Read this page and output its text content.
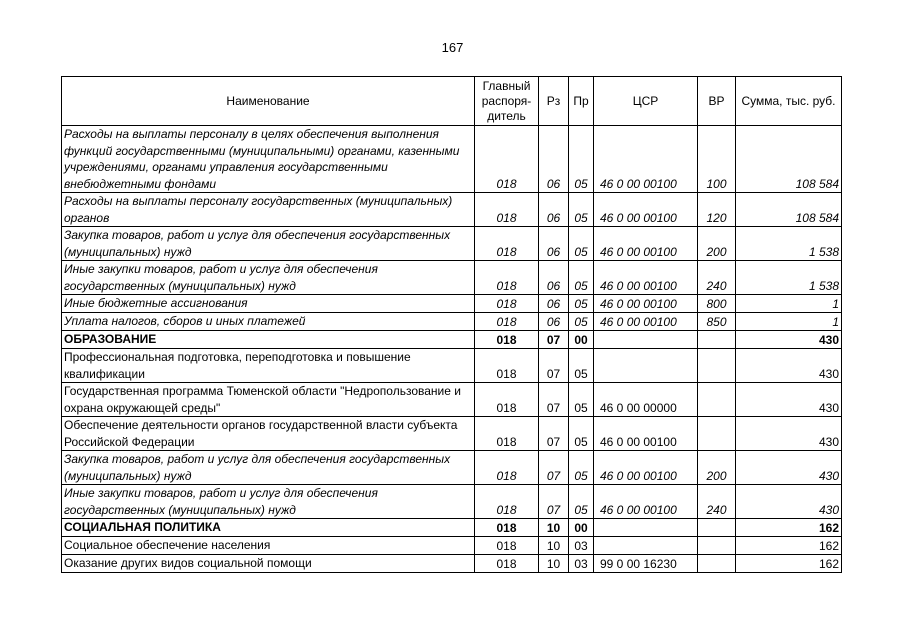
167
Наименование	Главный распоря-дитель	Рз	Пр	ЦСР	ВР	Сумма, тыс. руб.
Расходы на выплаты персоналу в целях обеспечения выполнения функций государственными (муниципальными) органами, казенными учреждениями, органами управления государственными внебюджетными фондами	018	06	05	46 0 00 00100	100	108 584
Расходы на выплаты персоналу государственных (муниципальных) органов	018	06	05	46 0 00 00100	120	108 584
Закупка товаров, работ и услуг для обеспечения государственных (муниципальных) нужд	018	06	05	46 0 00 00100	200	1 538
Иные закупки товаров, работ и услуг для обеспечения государственных (муниципальных) нужд	018	06	05	46 0 00 00100	240	1 538
Иные бюджетные ассигнования	018	06	05	46 0 00 00100	800	1
Уплата налогов, сборов и иных платежей	018	06	05	46 0 00 00100	850	1
ОБРАЗОВАНИЕ	018	07	00			430
Профессиональная подготовка, переподготовка и повышение квалификации	018	07	05			430
Государственная программа Тюменской области "Недропользование и охрана окружающей среды"	018	07	05	46 0 00 00000		430
Обеспечение деятельности органов государственной власти субъекта Российской Федерации	018	07	05	46 0 00 00100		430
Закупка товаров, работ и услуг для обеспечения государственных (муниципальных) нужд	018	07	05	46 0 00 00100	200	430
Иные закупки товаров, работ и услуг для обеспечения государственных (муниципальных) нужд	018	07	05	46 0 00 00100	240	430
СОЦИАЛЬНАЯ ПОЛИТИКА	018	10	00			162
Социальное обеспечение населения	018	10	03			162
Оказание других видов социальной помощи	018	10	03	99 0 00 16230		162
